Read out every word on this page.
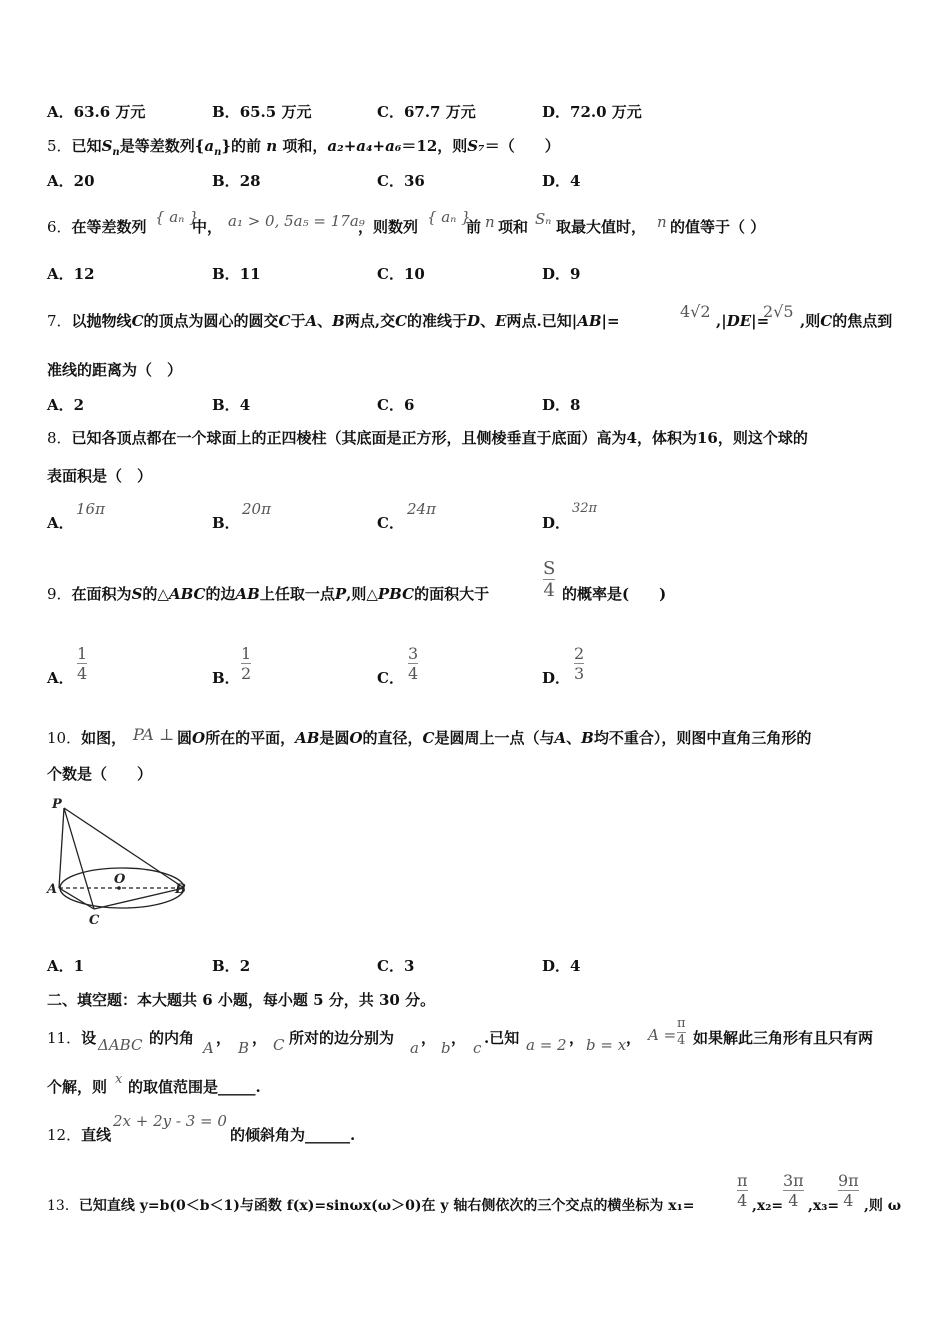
A．63.6 万元	B．65.5 万元	C．67.7 万元	D．72.0 万元
5．已知$S_n$是等差数列$\{a_n\}$的前 n 项和，a₂+a₄+a₆＝12，则S₇＝（　　）
A．20	B．28	C．36	D．4
6．在等差数列
{ aₙ }
中， a₁ > 0, 5a₅ = 17a₉
，则数列
{ aₙ }
前 n 项和 Sₙ 取最大值时， n 的值等于（ ）
A．12	B．11	C．10	D．9
7．以抛物线C的顶点为圆心的圆交C于A、B两点,交C的准线于D、E两点.已知|AB|=	4√2 ,|DE|=
2√5 ,则C的焦点到
准线的距离为（　）
A．2	B．4	C．6	D．8
8．已知各顶点都在一个球面上的正四棱柱（其底面是正方形，且侧棱垂直于底面）高为4，体积为16，则这个球的
表面积是（　）
A．
16π
B．
20π
C．
24π
D．
32π
9．在面积为S的△ABC的边AB上任取一点P,则△PBC的面积大于
S
4 的概率是(　　)
A．
1
4	B．
1
2	C．
3
4	D．
2
3
10．如图， PA ⊥ 圆O所在的平面，AB是圆O的直径，C是圆周上一点（与A、B均不重合），则图中直角三角形的
个数是（　　）
P
A
O
B
C
A．1	B．2	C．3	D．4
二、填空题：本大题共 6 小题，每小题 5 分，共 30 分。
11．设 ΔABC 的内角
A
，
B
， C 所对的边分别为
a
，
b
，
c
.已知 a = 2 ， b = x ， A =
π
4 如果解此三角形有且只有两
个解，则 x 的取值范围是_____.
12．直线
2x + 2y - 3 = 0
的倾斜角为______.
13．已知直线 y=b(0＜b＜1)与函数 f(x)=sinωx(ω＞0)在 y 轴右侧依次的三个交点的横坐标为 x₁=
π
4 ,x₂=
3π
4 ,x₃=
9π
4 ,则 ω
